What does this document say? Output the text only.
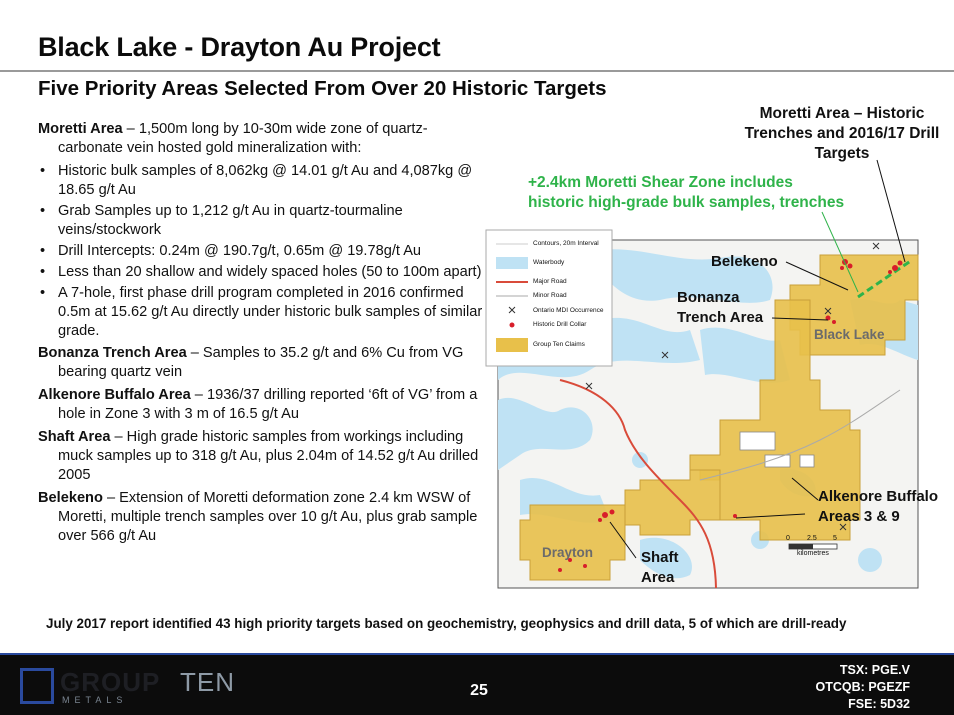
Black Lake - Drayton Au Project
Five Priority Areas Selected From Over 20 Historic Targets

Moretti Area – 1,500m long by 10-30m wide zone of quartz-carbonate vein hosted gold mineralization with:

• Historic bulk samples of 8,062kg @ 14.01 g/t Au and 4,087kg @ 18.65 g/t Au
• Grab Samples up to 1,212 g/t Au in quartz-tourmaline veins/stockwork
• Drill Intercepts: 0.24m @ 190.7g/t, 0.65m @ 19.78g/t Au
• Less than 20 shallow and widely spaced holes (50 to 100m apart)
• A 7-hole, first phase drill program completed in 2016 confirmed 0.5m at 15.62 g/t Au directly under historic bulk samples of similar grade.

Bonanza Trench Area – Samples to 35.2 g/t and 6% Cu from VG bearing quartz vein

Alkenore Buffalo Area – 1936/37 drilling reported ‘6ft of VG’ from a hole in Zone 3 with 3 m of 16.5 g/t Au

Shaft Area – High grade historic samples from workings including muck samples up to 318 g/t Au, plus 2.04m of 14.52 g/t Au drilled 2005

Belekeno – Extension of Moretti deformation zone 2.4 km WSW of Moretti, multiple trench samples over 10 g/t Au, plus grab sample over 566 g/t Au

Contours, 20m Interval
Waterbody
Major Road
Minor Road
Ontario MDI Occurrence
Historic Drill Collar
Group Ten Claims
0 2.5 5
kilometres
Moretti Area – Historic
Trenches and 2016/17 Drill
Targets
+2.4km Moretti Shear Zone includes
historic high-grade bulk samples, trenches
Belekeno
Bonanza
Trench Area
Black Lake
Alkenore Buffalo
Areas 3 & 9
Drayton	Shaft
Area
July 2017 report identified 43 high priority targets based on geochemistry, geophysics and drill data, 5 of which are drill-ready
GROUP TEN
METALS
25
TSX: PGE.V
OTCQB: PGEZF
FSE: 5D32
